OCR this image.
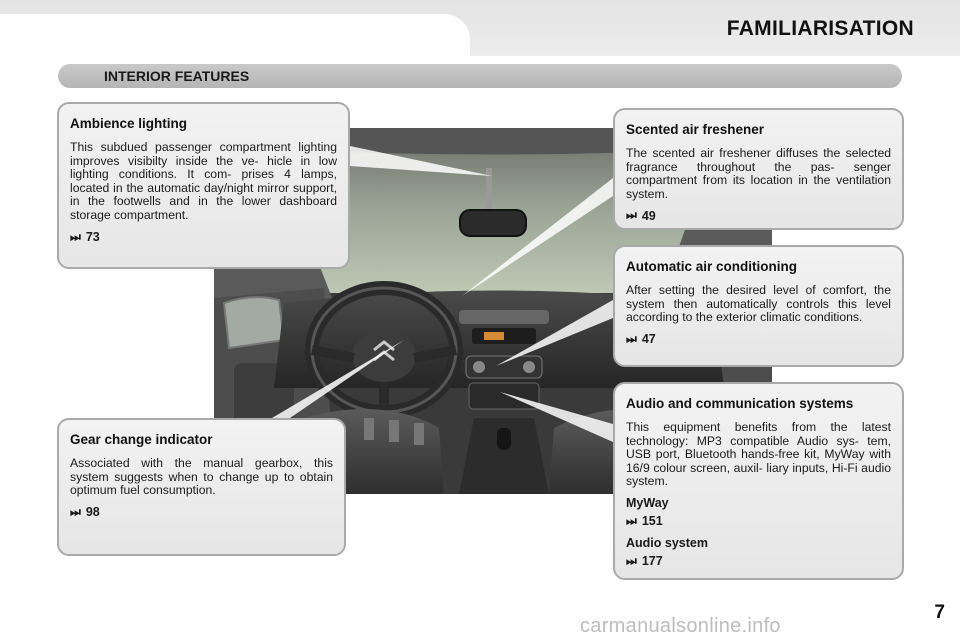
FAMILIARISATION
INTERIOR FEATURES
Ambience lighting
This subdued passenger compartment lighting improves visibilty inside the ve- hicle in low lighting conditions. It com- prises 4 lamps, located in the automatic day/night mirror support, in the footwells and in the lower dashboard storage compartment.
⏭ 73
Gear change indicator
Associated with the manual gearbox, this system suggests when to change up to obtain optimum fuel consumption.
⏭ 98
Scented air freshener
The scented air freshener diffuses the selected fragrance throughout the pas- senger compartment from its location in the ventilation system.
⏭ 49
Automatic air conditioning
After setting the desired level of comfort, the system then automatically controls this level according to the exterior climatic conditions.
⏭ 47
Audio and communication systems
This equipment benefits from the latest technology: MP3 compatible Audio sys- tem, USB port, Bluetooth hands-free kit, MyWay with 16/9 colour screen, auxil- liary inputs, Hi-Fi audio system.
MyWay
⏭ 151
Audio system
⏭ 177
7
carmanualsonline.info
